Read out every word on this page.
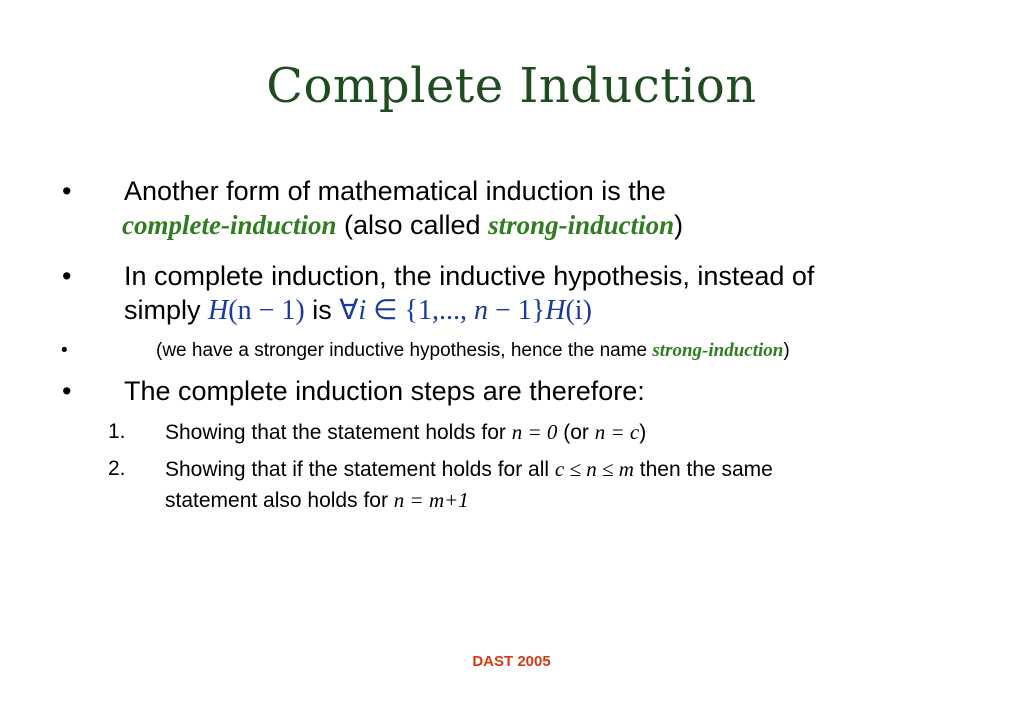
Complete Induction
• Another form of mathematical induction is the
complete-induction (also called strong-induction)
• In complete induction, the inductive hypothesis, instead of
simply H(n − 1) is ∀i ∈ {1,..., n − 1}H(i)
•	(we have a stronger inductive hypothesis, hence the name strong-induction)
• The complete induction steps are therefore:
1. Showing that the statement holds for n = 0 (or n = c)
2. Showing that if the statement holds for all c ≤ n ≤ m then the same
statement also holds for n = m+1
DAST 2005
